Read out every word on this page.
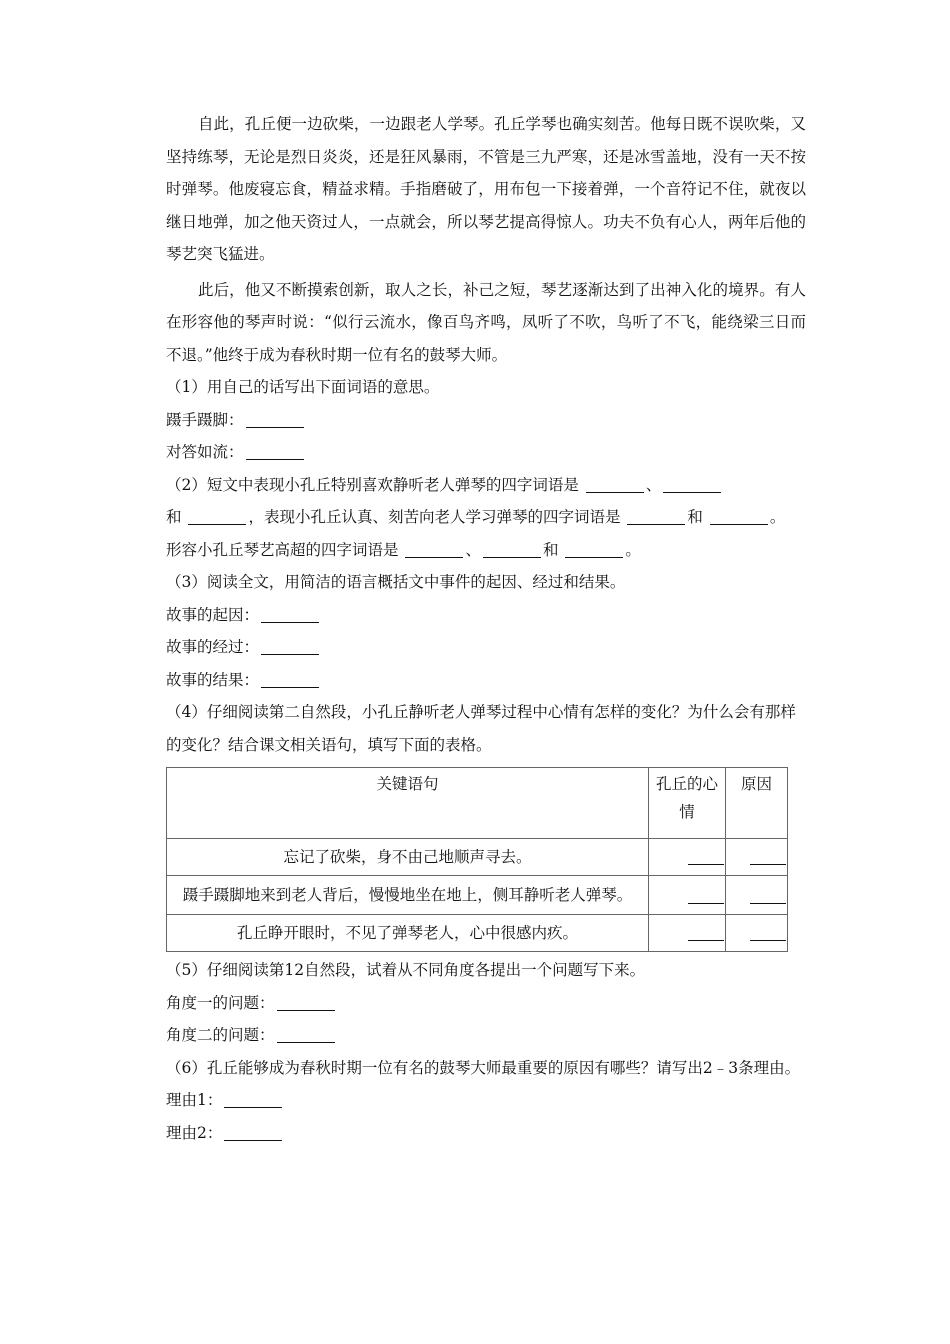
自此，孔丘便一边砍柴，一边跟老人学琴。孔丘学琴也确实刻苦。他每日既不误吹柴，又坚持练琴，无论是烈日炎炎，还是狂风暴雨，不管是三九严寒，还是冰雪盖地，没有一天不按时弹琴。他废寝忘食，精益求精。手指磨破了，用布包一下接着弹，一个音符记不住，就夜以继日地弹，加之他天资过人，一点就会，所以琴艺提高得惊人。功夫不负有心人，两年后他的琴艺突飞猛进。

此后，他又不断摸索创新，取人之长，补己之短，琴艺逐渐达到了出神入化的境界。有人在形容他的琴声时说：“似行云流水，像百鸟齐鸣，凤听了不吹，鸟听了不飞，能绕梁三日而不退。”他终于成为春秋时期一位有名的鼓琴大师。

（1）用自己的话写出下面词语的意思。

蹑手蹑脚：

对答如流：

（2）短文中表现小孔丘特别喜欢静听老人弹琴的四字词语是	、

和	，表现小孔丘认真、刻苦向老人学习弹琴的四字词语是	和	。

形容小孔丘琴艺高超的四字词语是	、	和	。

（3）阅读全文，用简洁的语言概括文中事件的起因、经过和结果。

故事的起因：

故事的经过：

故事的结果：

（4）仔细阅读第二自然段，小孔丘静听老人弹琴过程中心情有怎样的变化？为什么会有那样的变化？结合课文相关语句，填写下面的表格。

关键语句	孔丘的心情	原因
忘记了砍柴，身不由己地顺声寻去。		
蹑手蹑脚地来到老人背后，慢慢地坐在地上，侧耳静听老人弹琴。		
孔丘睁开眼时，不见了弹琴老人，心中很感内疚。		

（5）仔细阅读第12自然段，试着从不同角度各提出一个问题写下来。

角度一的问题：

角度二的问题：

（6）孔丘能够成为春秋时期一位有名的鼓琴大师最重要的原因有哪些？请写出2﹣3条理由。

理由1：

理由2：
